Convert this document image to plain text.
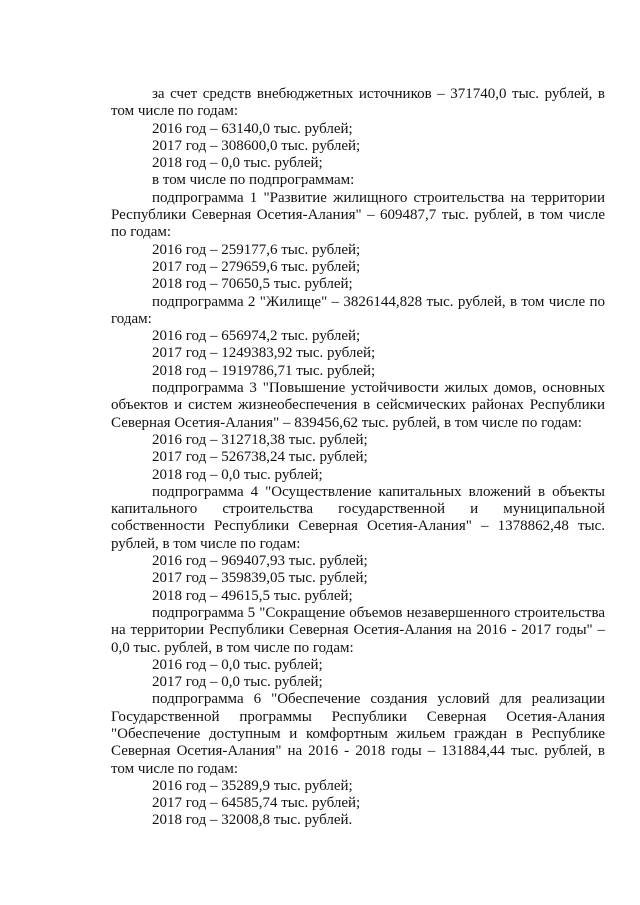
за счет средств внебюджетных источников – 371740,0 тыс. рублей, в том числе по годам:

2016 год – 63140,0 тыс. рублей;

2017 год – 308600,0 тыс. рублей;

2018 год – 0,0 тыс. рублей;

в том числе по подпрограммам:

подпрограмма 1 "Развитие жилищного строительства на территории Республики Северная Осетия-Алания" – 609487,7 тыс. рублей, в том числе по годам:

2016 год – 259177,6 тыс. рублей;

2017 год – 279659,6 тыс. рублей;

2018 год – 70650,5 тыс. рублей;

подпрограмма 2 "Жилище" – 3826144,828 тыс. рублей, в том числе по годам:

2016 год – 656974,2 тыс. рублей;

2017 год – 1249383,92 тыс. рублей;

2018 год – 1919786,71 тыс. рублей;

подпрограмма 3 "Повышение устойчивости жилых домов, основных объектов и систем жизнеобеспечения в сейсмических районах Республики Северная Осетия-Алания" – 839456,62 тыс. рублей, в том числе по годам:

2016 год – 312718,38 тыс. рублей;

2017 год – 526738,24 тыс. рублей;

2018 год – 0,0 тыс. рублей;

подпрограмма 4 "Осуществление капитальных вложений в объекты капитального строительства государственной и муниципальной собственности Республики Северная Осетия-Алания" – 1378862,48 тыс. рублей, в том числе по годам:

2016 год – 969407,93 тыс. рублей;

2017 год – 359839,05 тыс. рублей;

2018 год – 49615,5 тыс. рублей;

подпрограмма 5 "Сокращение объемов незавершенного строительства на территории Республики Северная Осетия-Алания на 2016 - 2017 годы" – 0,0 тыс. рублей, в том числе по годам:

2016 год – 0,0 тыс. рублей;

2017 год – 0,0 тыс. рублей;

подпрограмма 6 "Обеспечение создания условий для реализации Государственной программы Республики Северная Осетия-Алания "Обеспечение доступным и комфортным жильем граждан в Республике Северная Осетия-Алания" на 2016 - 2018 годы – 131884,44 тыс. рублей, в том числе по годам:

2016 год – 35289,9 тыс. рублей;

2017 год – 64585,74 тыс. рублей;

2018 год – 32008,8 тыс. рублей.
